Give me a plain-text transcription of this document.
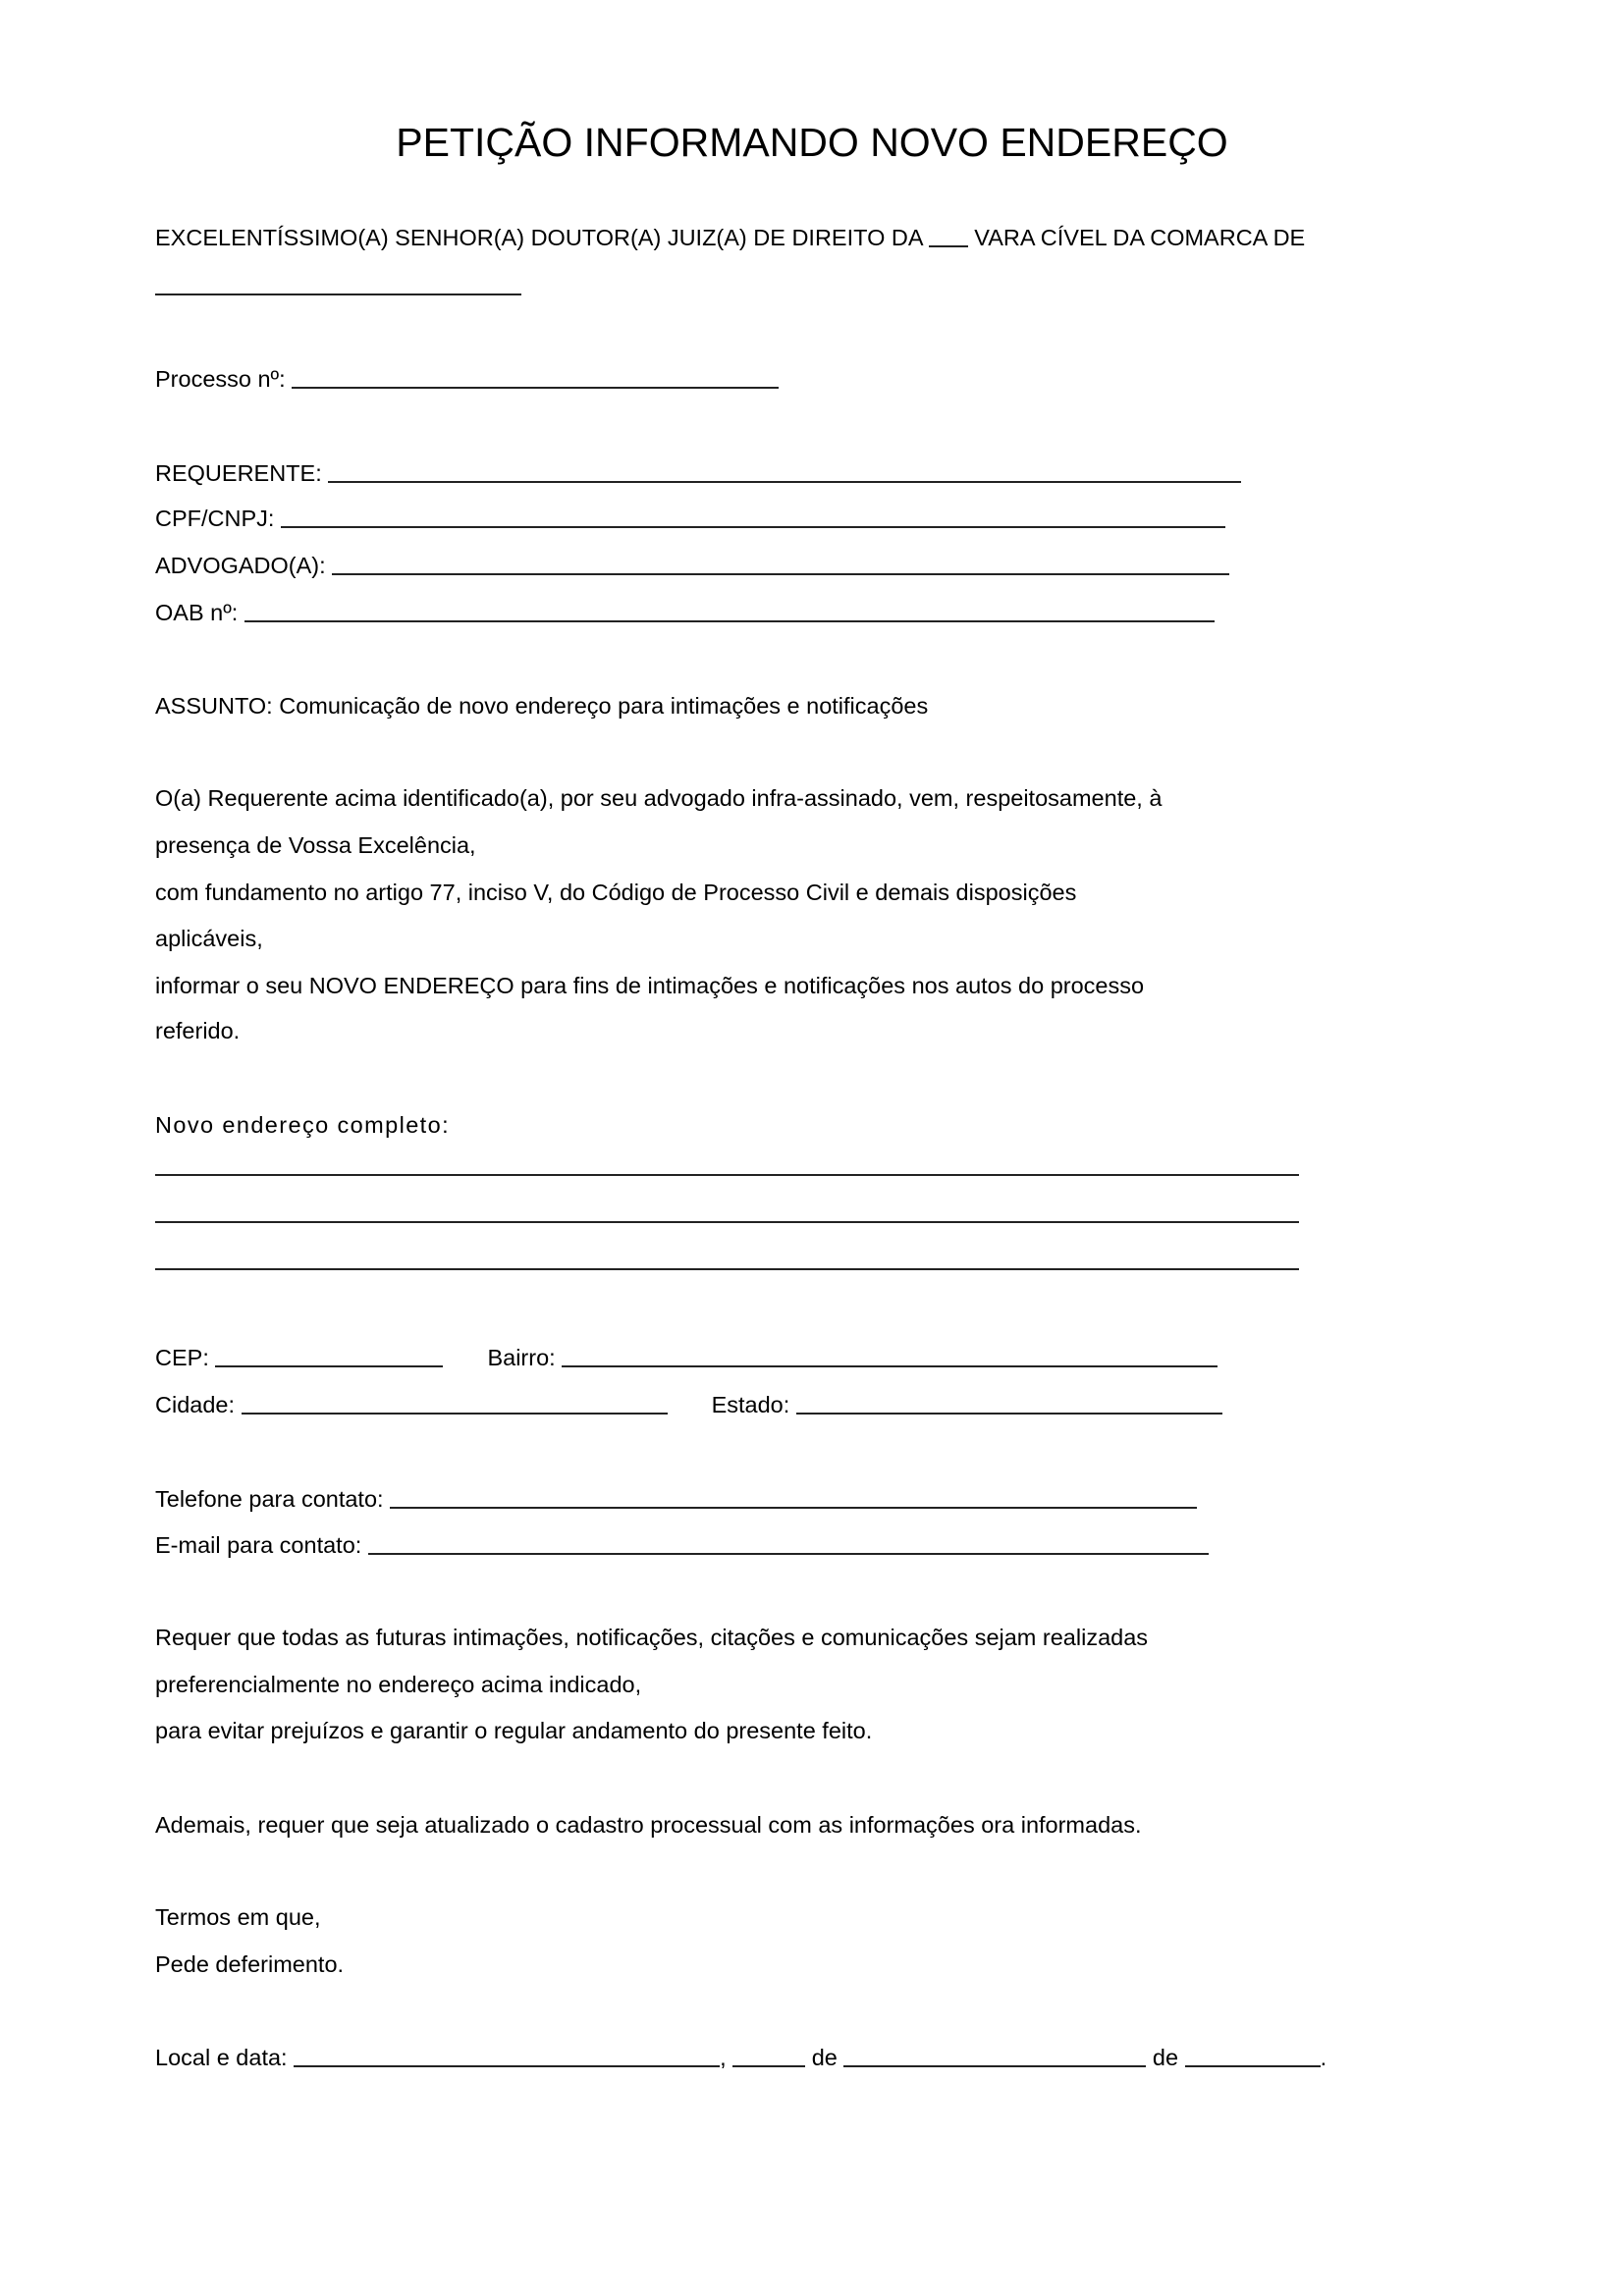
PETIÇÃO INFORMANDO NOVO ENDEREÇO
EXCELENTÍSSIMO(A) SENHOR(A) DOUTOR(A) JUIZ(A) DE DIREITO DA VARA CÍVEL DA COMARCA DE
Processo nº:
REQUERENTE:
CPF/CNPJ:
ADVOGADO(A):
OAB nº:
ASSUNTO: Comunicação de novo endereço para intimações e notificações
O(a) Requerente acima identificado(a), por seu advogado infra-assinado, vem, respeitosamente, à
presença de Vossa Excelência,
com fundamento no artigo 77, inciso V, do Código de Processo Civil e demais disposições
aplicáveis,
informar o seu NOVO ENDEREÇO para fins de intimações e notificações nos autos do processo
referido.
Novo endereço completo:
CEP:	Bairro:
Cidade:	Estado:
Telefone para contato:
E-mail para contato:
Requer que todas as futuras intimações, notificações, citações e comunicações sejam realizadas
preferencialmente no endereço acima indicado,
para evitar prejuízos e garantir o regular andamento do presente feito.
Ademais, requer que seja atualizado o cadastro processual com as informações ora informadas.
Termos em que,
Pede deferimento.
Local e data:	,	de	de	.
